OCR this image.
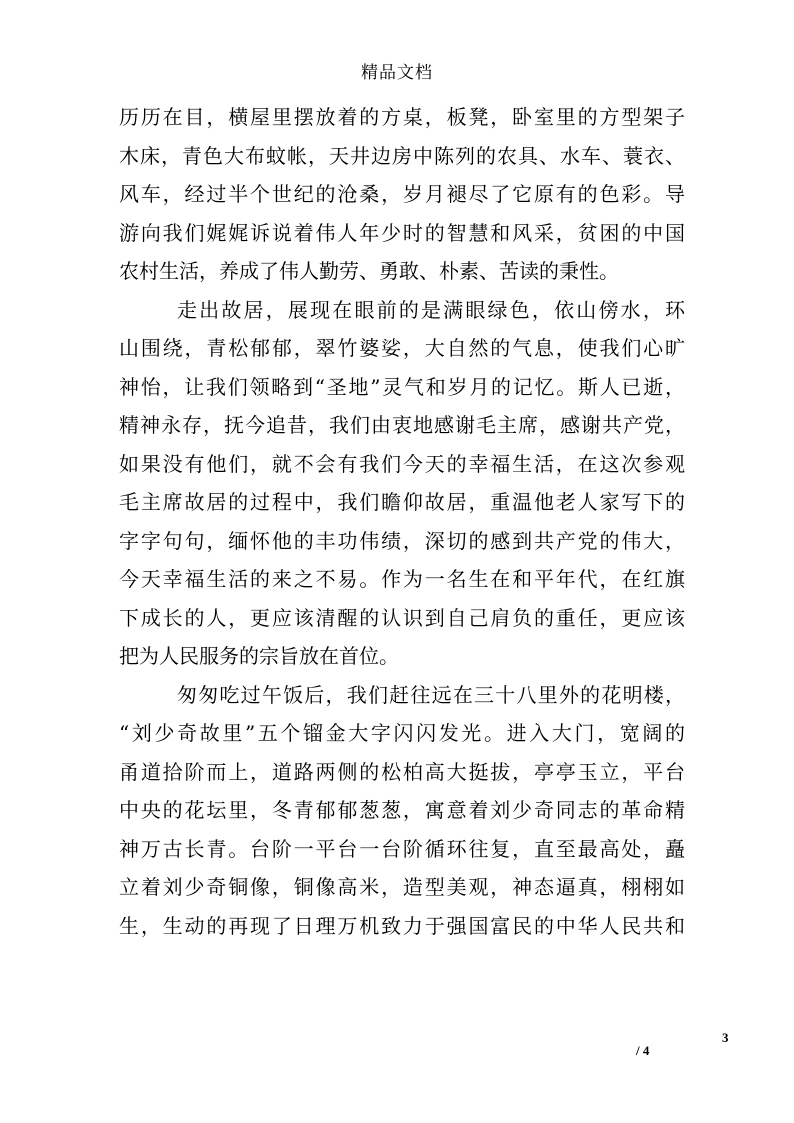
精品文档
历历在目，横屋里摆放着的方桌，板凳，卧室里的方型架子
木床，青色大布蚊帐，天井边房中陈列的农具、水车、蓑衣、
风车，经过半个世纪的沧桑，岁月褪尽了它原有的色彩。导
游向我们娓娓诉说着伟人年少时的智慧和风采，贫困的中国
农村生活，养成了伟人勤劳、勇敢、朴素、苦读的秉性。
走出故居，展现在眼前的是满眼绿色，依山傍水，环
山围绕，青松郁郁，翠竹婆娑，大自然的气息，使我们心旷
神怡，让我们领略到“圣地”灵气和岁月的记忆。斯人已逝，
精神永存，抚今追昔，我们由衷地感谢毛主席，感谢共产党，
如果没有他们，就不会有我们今天的幸福生活，在这次参观
毛主席故居的过程中，我们瞻仰故居，重温他老人家写下的
字字句句，缅怀他的丰功伟绩，深切的感到共产党的伟大，
今天幸福生活的来之不易。作为一名生在和平年代，在红旗
下成长的人，更应该清醒的认识到自己肩负的重任，更应该
把为人民服务的宗旨放在首位。
匆匆吃过午饭后，我们赶往远在三十八里外的花明楼，
“刘少奇故里”五个镏金大字闪闪发光。进入大门，宽阔的
甬道拾阶而上，道路两侧的松柏高大挺拔，亭亭玉立，平台
中央的花坛里，冬青郁郁葱葱，寓意着刘少奇同志的革命精
神万古长青。台阶一平台一台阶循环往复，直至最高处，矗
立着刘少奇铜像，铜像高米，造型美观，神态逼真，栩栩如
生，生动的再现了日理万机致力于强国富民的中华人民共和
3
/ 4
